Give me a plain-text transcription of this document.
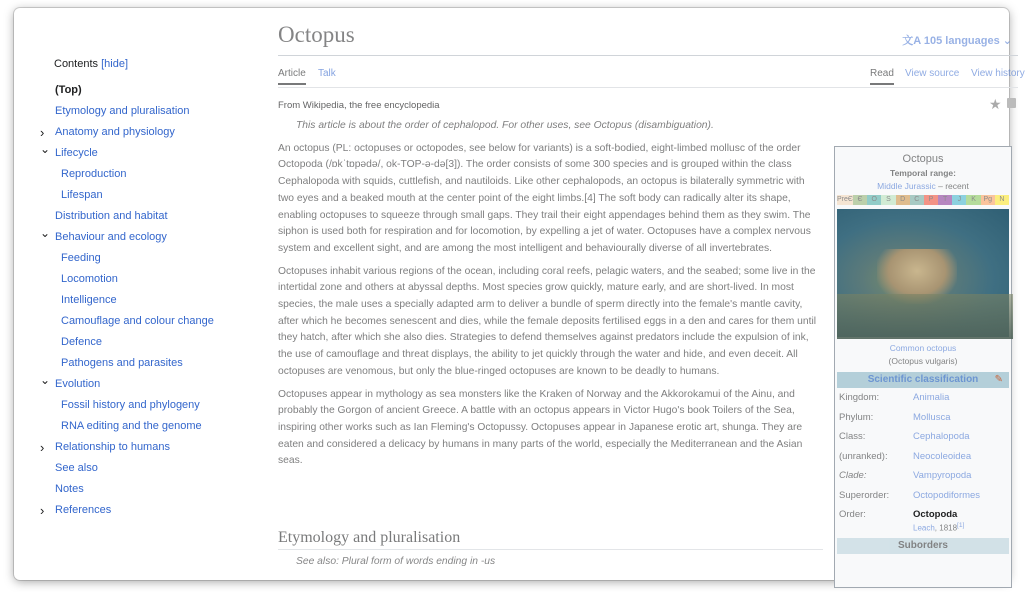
Contents [hide]
(Top)
Etymology and pluralisation
› Anatomy and physiology
⌄ Lifecycle
Reproduction
Lifespan
Distribution and habitat
⌄ Behaviour and ecology
Feeding
Locomotion
Intelligence
Camouflage and colour change
Defence
Pathogens and parasites
⌄ Evolution
Fossil history and phylogeny
RNA editing and the genome
› Relationship to humans
See also
Notes
› References
Octopus	文A 105 languages ⌄
Article Talk	Read View source View history
From Wikipedia, the free encyclopedia	★
This article is about the order of cephalopod. For other uses, see Octopus (disambiguation).

An octopus (PL: octopuses or octopodes, see below for variants) is a soft-bodied, eight-limbed mollusc of the order Octopoda (/ɒkˈtɒpədə/, ok-TOP-ə-də[3]). The order consists of some 300 species and is grouped within the class Cephalopoda with squids, cuttlefish, and nautiloids. Like other cephalopods, an octopus is bilaterally symmetric with two eyes and a beaked mouth at the center point of the eight limbs.[4] The soft body can radically alter its shape, enabling octopuses to squeeze through small gaps. They trail their eight appendages behind them as they swim. The siphon is used both for respiration and for locomotion, by expelling a jet of water. Octopuses have a complex nervous system and excellent sight, and are among the most intelligent and behaviourally diverse of all invertebrates.

Octopuses inhabit various regions of the ocean, including coral reefs, pelagic waters, and the seabed; some live in the intertidal zone and others at abyssal depths. Most species grow quickly, mature early, and are short-lived. In most species, the male uses a specially adapted arm to deliver a bundle of sperm directly into the female's mantle cavity, after which he becomes senescent and dies, while the female deposits fertilised eggs in a den and cares for them until they hatch, after which she also dies. Strategies to defend themselves against predators include the expulsion of ink, the use of camouflage and threat displays, the ability to jet quickly through the water and hide, and even deceit. All octopuses are venomous, but only the blue-ringed octopuses are known to be deadly to humans.

Octopuses appear in mythology as sea monsters like the Kraken of Norway and the Akkorokamui of the Ainu, and probably the Gorgon of ancient Greece. A battle with an octopus appears in Victor Hugo's book Toilers of the Sea, inspiring other works such as Ian Fleming's Octopussy. Octopuses appear in Japanese erotic art, shunga. They are eaten and considered a delicacy by humans in many parts of the world, especially the Mediterranean and the Asian seas.

Etymology and pluralisation
See also: Plural form of words ending in -us
Octopus
Temporal range:
Middle Jurassic – recent
PreЄ Є	O	S	D	C	P	T	J	K	Pg	N
Common octopus
(Octopus vulgaris)
Scientific classification ✎
Kingdom:	Animalia
Phylum:	Mollusca
Class:	Cephalopoda
(unranked):	Neocoleoidea
Clade:	Vampyropoda
Superorder:	Octopodiformes
Order:	Octopoda
Leach, 1818[1]
Suborders
